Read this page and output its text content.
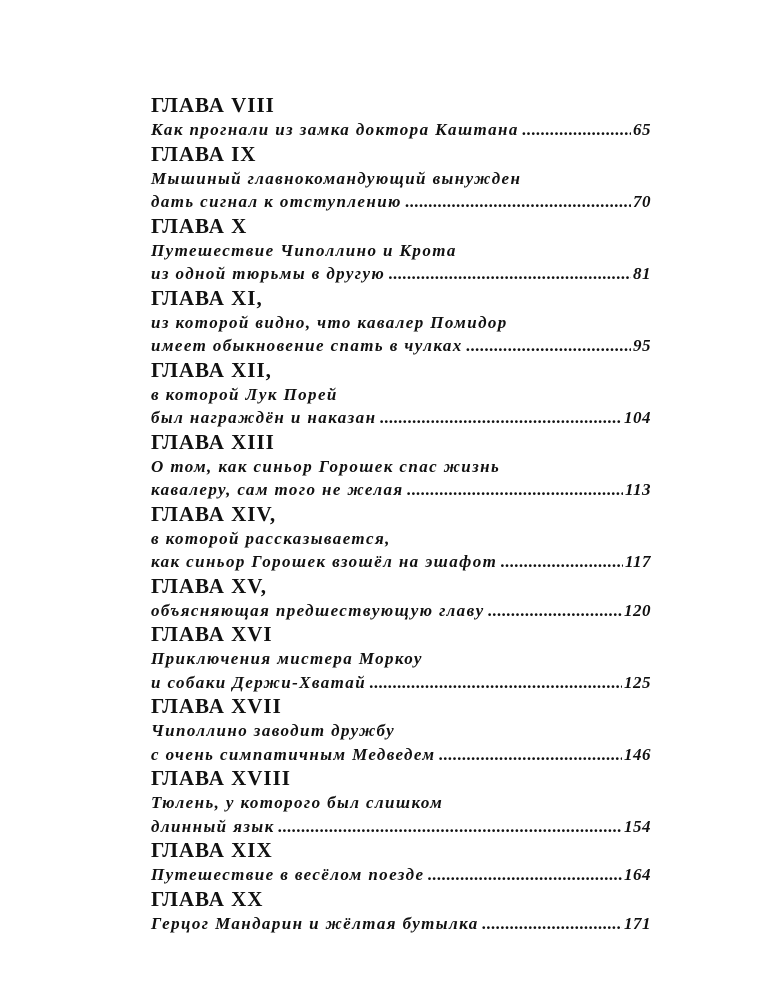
ГЛАВА VIII
Как прогнали из замка доктора Каштана .....	65
ГЛАВА IX
Мышиный главнокомандующий вынужден
дать сигнал к отступлению .....	70
ГЛАВА X
Путешествие Чиполлино и Крота
из одной тюрьмы в другую .....	81
ГЛАВА XI,
из которой видно, что кавалер Помидор
имеет обыкновение спать в чулках .....	95
ГЛАВА XII,
в которой Лук Порей
был награждён и наказан .....	104
ГЛАВА XIII
О том, как синьор Горошек спас жизнь
кавалеру, сам того не желая .....	113
ГЛАВА XIV,
в которой рассказывается,
как синьор Горошек взошёл на эшафот .....	117
ГЛАВА XV,
объясняющая предшествующую главу .....	120
ГЛАВА XVI
Приключения мистера Моркоу
и собаки Держи-Хватай .....	125
ГЛАВА XVII
Чиполлино заводит дружбу
с очень симпатичным Медведем .....	146
ГЛАВА XVIII
Тюлень, у которого был слишком
длинный язык .....	154
ГЛАВА XIX
Путешествие в весёлом поезде .....	164
ГЛАВА XX
Герцог Мандарин и жёлтая бутылка .....	171
